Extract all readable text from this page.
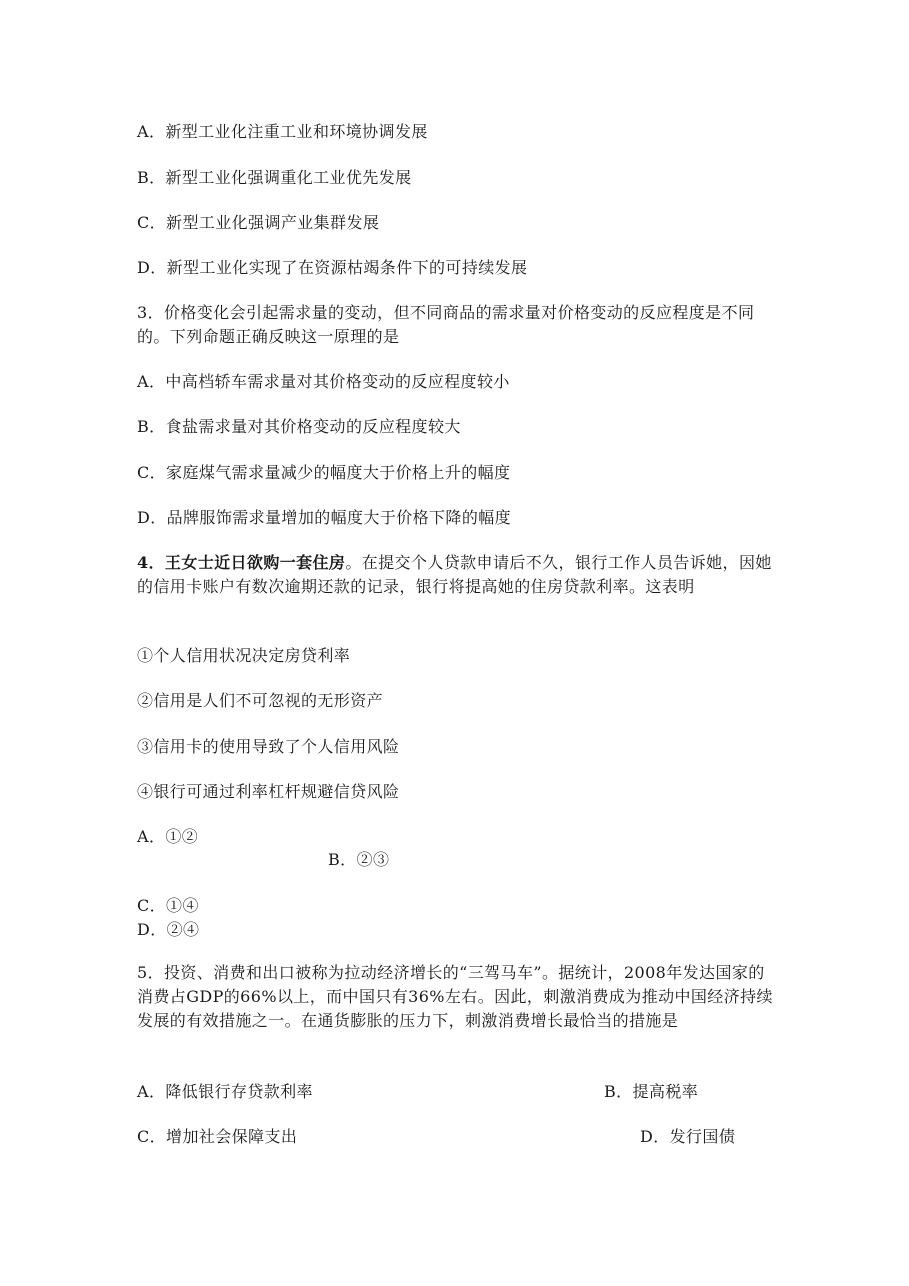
A．新型工业化注重工业和环境协调发展
B．新型工业化强调重化工业优先发展
C．新型工业化强调产业集群发展
D．新型工业化实现了在资源枯竭条件下的可持续发展
3．价格变化会引起需求量的变动，但不同商品的需求量对价格变动的反应程度是不同的。下列命题正确反映这一原理的是
A．中高档轿车需求量对其价格变动的反应程度较小
B．食盐需求量对其价格变动的反应程度较大
C．家庭煤气需求量减少的幅度大于价格上升的幅度
D．品牌服饰需求量增加的幅度大于价格下降的幅度
4．王女士近日欲购一套住房。在提交个人贷款申请后不久，银行工作人员告诉她，因她的信用卡账户有数次逾期还款的记录，银行将提高她的住房贷款利率。这表明
①个人信用状况决定房贷利率
②信用是人们不可忽视的无形资产
③信用卡的使用导致了个人信用风险
④银行可通过利率杠杆规避信贷风险
A．①②
B．②③
C．①④
D．②④
5．投资、消费和出口被称为拉动经济增长的“三驾马车”。据统计，2008年发达国家的消费占GDP的66%以上，而中国只有36%左右。因此，刺激消费成为推动中国经济持续发展的有效措施之一。在通货膨胀的压力下，刺激消费增长最恰当的措施是
A．降低银行存贷款利率	B．提高税率
C．增加社会保障支出	D．发行国债
